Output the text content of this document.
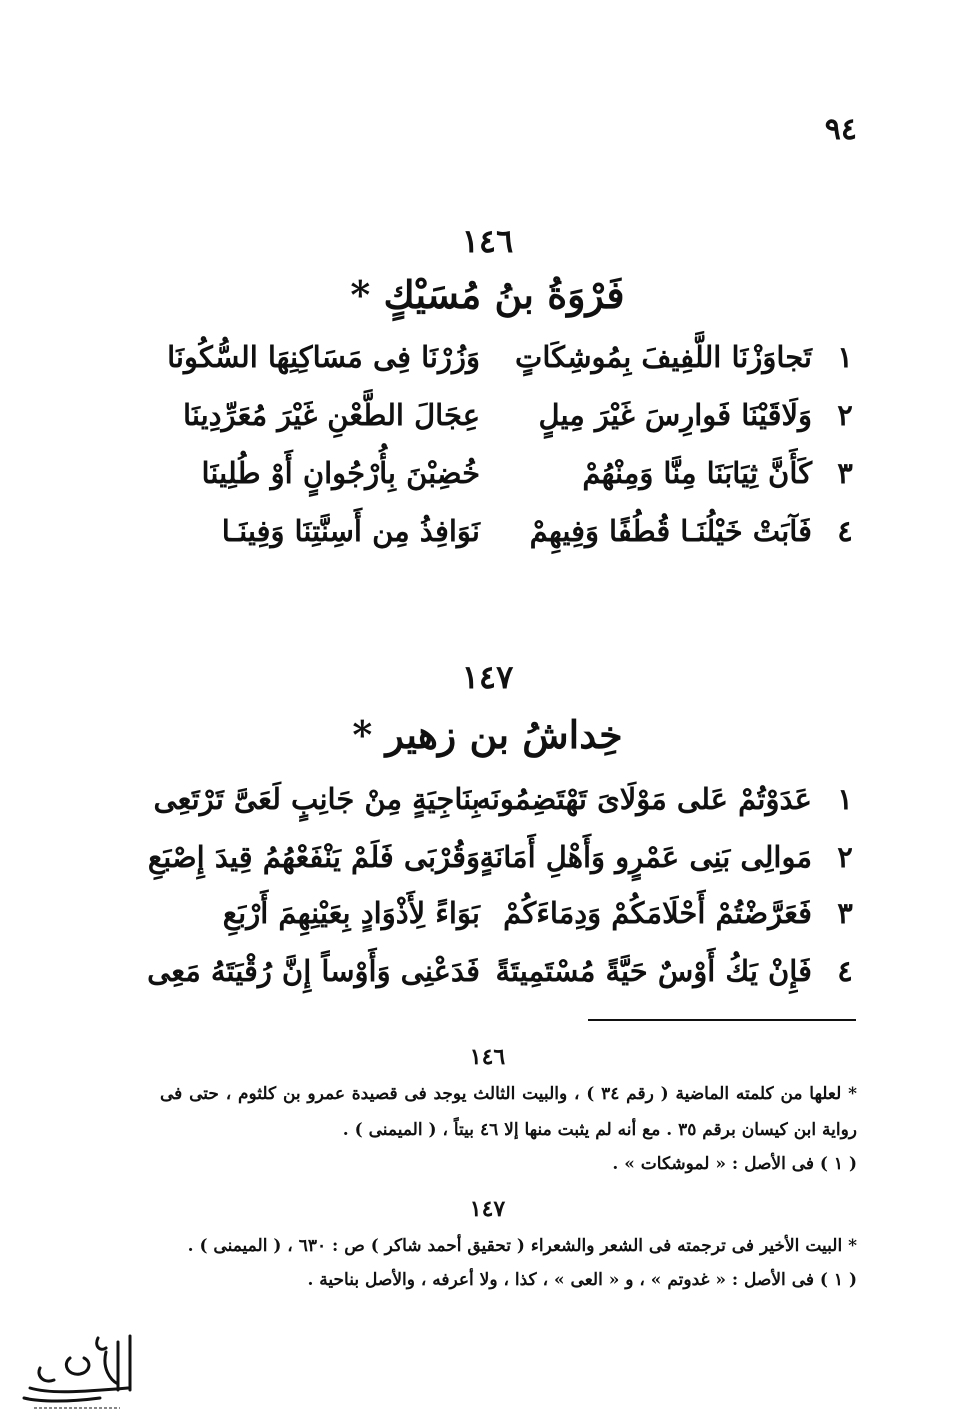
٩٤
١٤٦
فَرْوَةُ بنُ مُسَيْكٍ *
١
تَجاوَزْنَا اللَّفِيفَ بِمُوشِكَاتٍ
وَزُرْنَا فِى مَسَاكِنِهَا السُّكُونَا
٢
وَلَاقَيْنَا فَوارِسَ غَيْرَ مِيلٍ
عِجَالَ الطَّعْنِ غَيْرَ مُعَرِّدِينَا
٣
كَأَنَّ ثِيَابَنَا مِنَّا وَمِنْهُمْ
خُضِبْنَ بِأُرْجُوانٍ أَوْ طُلِينَا
٤
فَآبَتْ خَيْلُنَـا قُطُفًا وَفِيهِمْ
نَوَافِذُ مِن أَسِنَّتِنَا وَفِينَـا
١٤٧
خِداشُ بن زهير *
١
عَدَوْتُمْ عَلى مَوْلَاىَ تَهْتَضِمُونَه
بِنَاجِيَةٍ مِنْ جَانِبٍ لَعَىَّ تَرْتَعِى
٢
مَوالِى بَنِى عَمْرٍو وَأَهْلِ أَمَانَةٍ
وَقُرْبَى فَلَمْ يَنْفَعْهُمُ قِيدَ إِصْبَعِ
٣
فَعَرَّضْتُمْ أَحْلَامَكُمْ وَدِمَاءَكُمْ
بَوَاءً لِأَذْوَادٍ بِعَيْنِهِمَ أَرْبَعِ
٤
فَإِنْ يَكُ أَوْسٌ حَيَّةً مُسْتَمِيتَةً
فَدَعْنِى وَأَوْساً إِنَّ رُقْيَتَهُ مَعِى
١٤٦
* لعلها من كلمته الماضية ( رقم ٣٤ ) ، والبيت الثالث يوجد فى قصيدة عمرو بن كلثوم ، حتى فى
رواية ابن كيسان برقم ٣٥ . مع أنه لم يثبت منها إلا ٤٦ بيتاً ، ( الميمنى ) .
( ١ ) فى الأصل : « لموشكات » .
١٤٧
* البيت الأخير فى ترجمته فى الشعر والشعراء ( تحقيق أحمد شاكر ) ص : ٦٣٠ ، ( الميمنى ) .
( ١ ) فى الأصل : « غدوتم » ، و « العى » ، كذا ، ولا أعرفه ، والأصل بناحية .
